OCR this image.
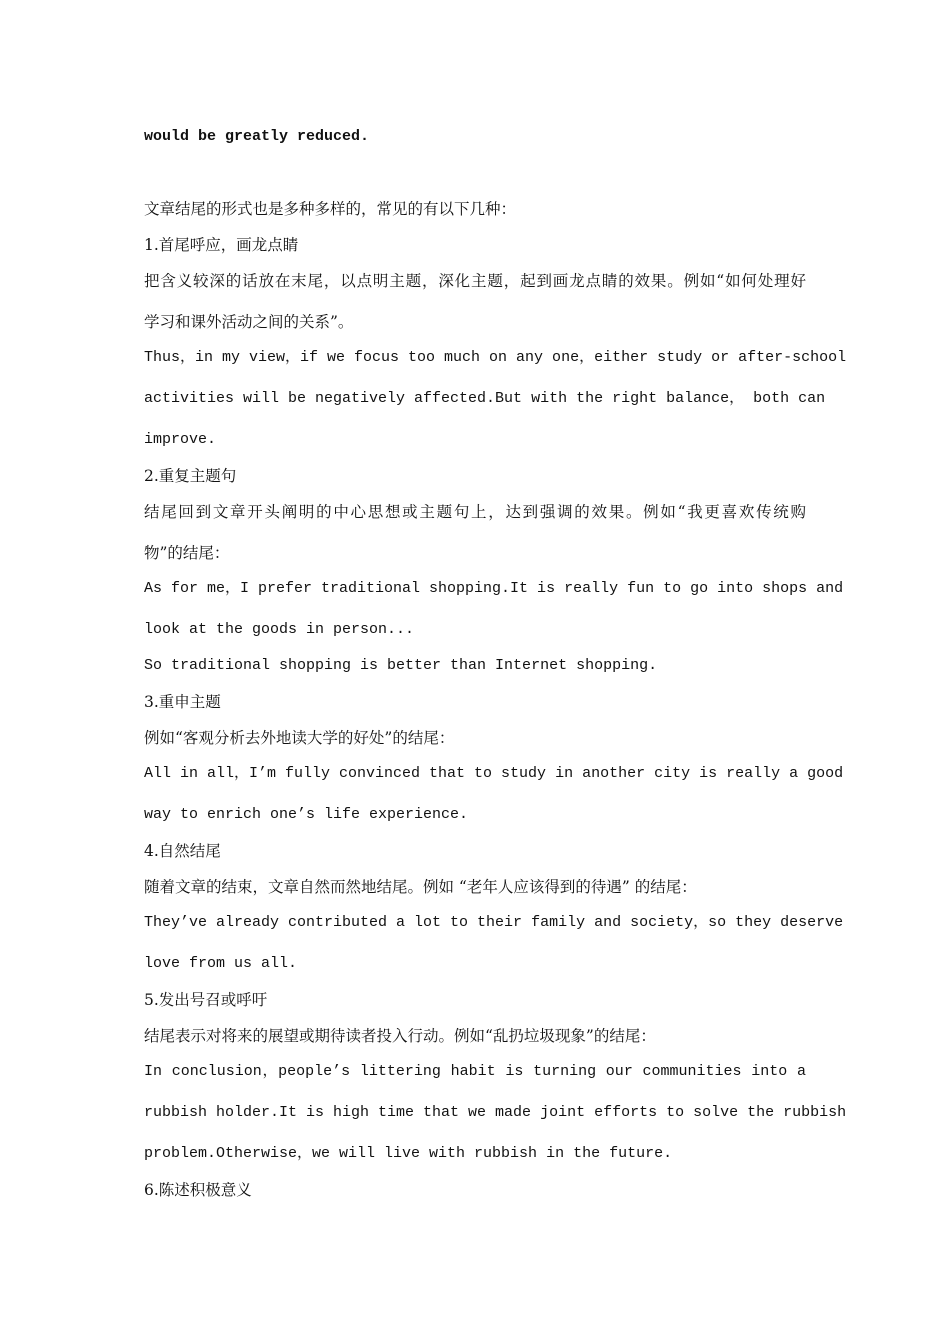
would be greatly reduced.
文章结尾的形式也是多种多样的，常见的有以下几种：
1.首尾呼应，画龙点睛
把含义较深的话放在末尾，以点明主题，深化主题，起到画龙点睛的效果。例如“如何处理好
学习和课外活动之间的关系”。
Thus，in my view，if we focus too much on any one，either study or after-school
activities will be negatively affected.But with the right balance， both can
improve.
2.重复主题句
结尾回到文章开头阐明的中心思想或主题句上，达到强调的效果。例如“我更喜欢传统购
物”的结尾：
As for me，I prefer traditional shopping.It is really fun to go into shops and
look at the goods in person...
So traditional shopping is better than Internet shopping.
3.重申主题
例如“客观分析去外地读大学的好处”的结尾：
All in all，I’m fully convinced that to study in another city is really a good
way to enrich one’s life experience.
4.自然结尾
随着文章的结束，文章自然而然地结尾。例如 “老年人应该得到的待遇” 的结尾：
They’ve already contributed a lot to their family and society，so they deserve
love from us all.
5.发出号召或呼吁
结尾表示对将来的展望或期待读者投入行动。例如“乱扔垃圾现象”的结尾：
In conclusion，people’s littering habit is turning our communities into a
rubbish holder.It is high time that we made joint efforts to solve the rubbish
problem.Otherwise，we will live with rubbish in the future.
6.陈述积极意义
